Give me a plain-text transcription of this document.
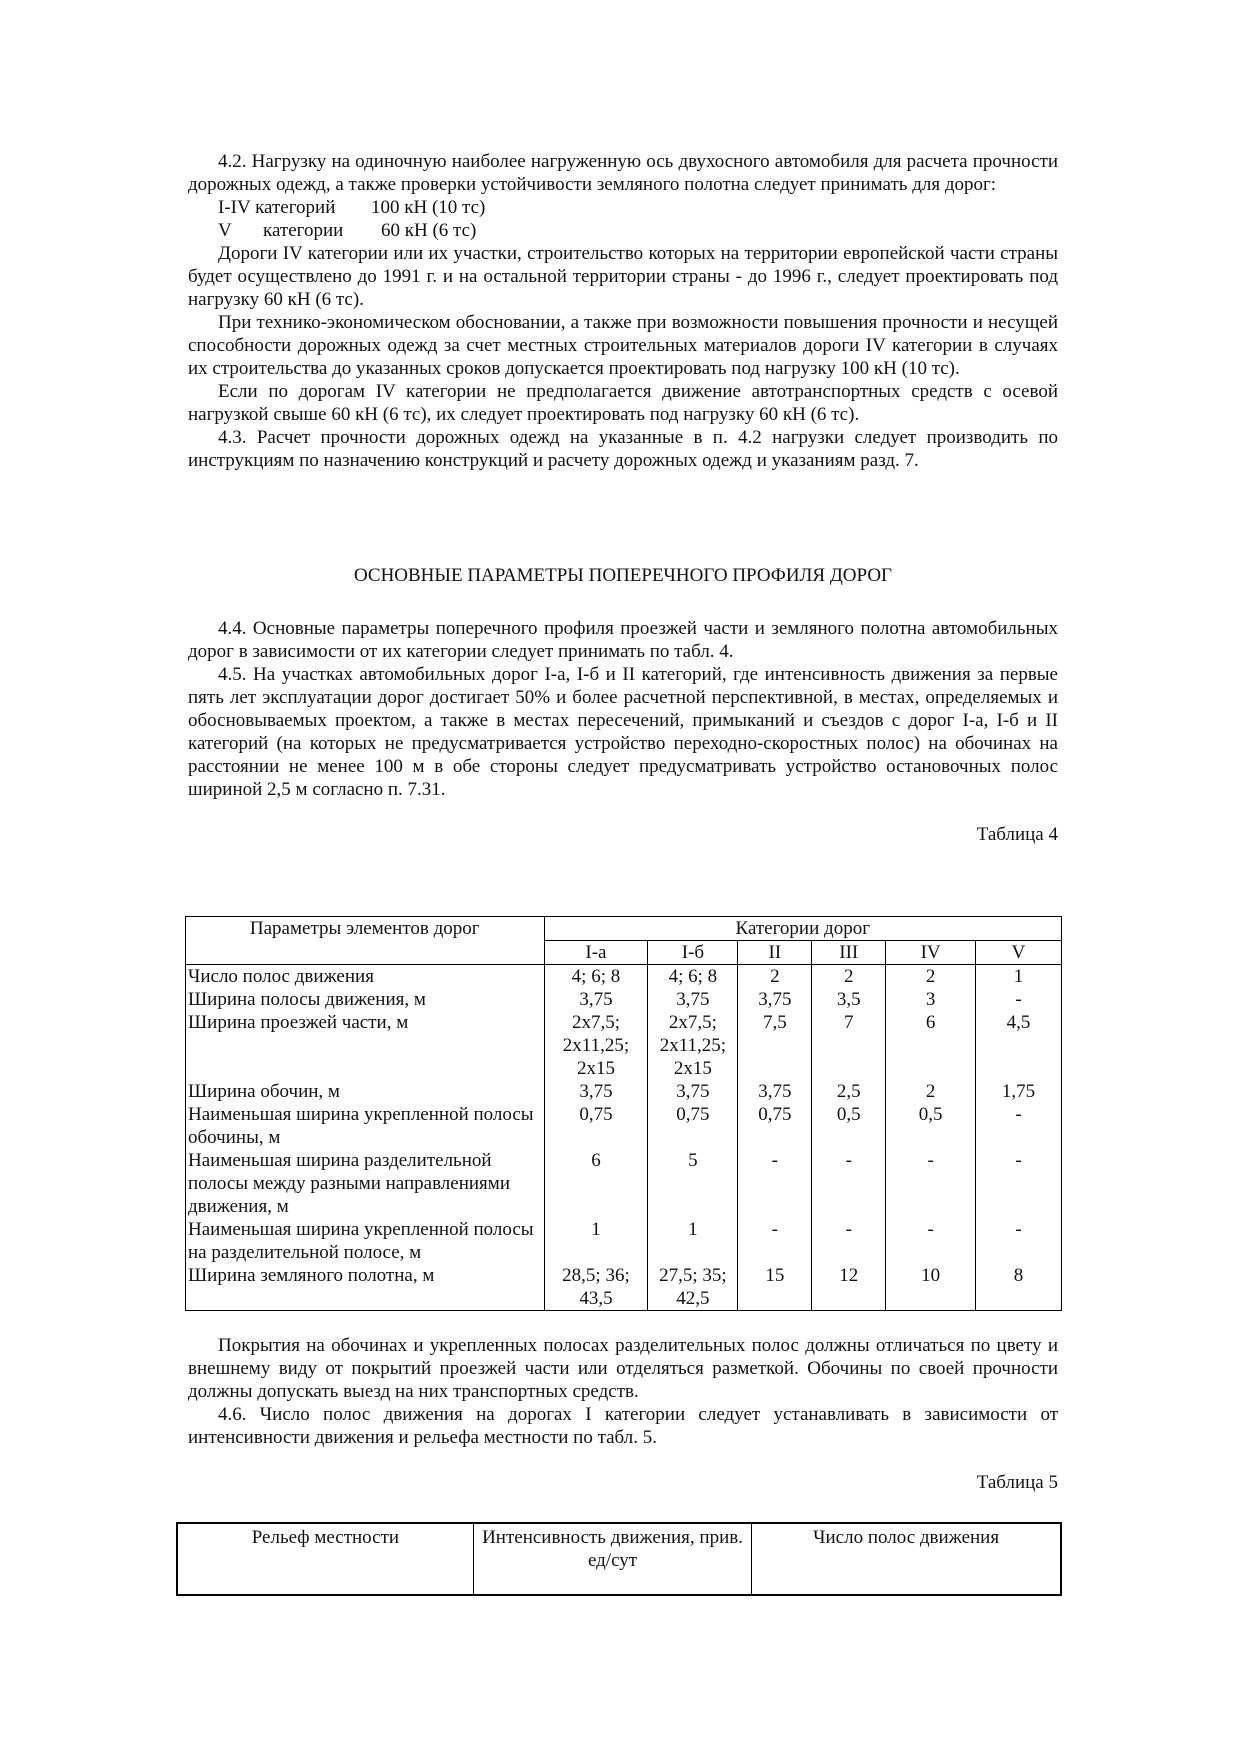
4.2. Нагрузку на одиночную наиболее нагруженную ось двухосного автомобиля для расчета прочности дорожных одежд, а также проверки устойчивости земляного полотна следует принимать для дорог:

I-IV категорий 100 кН (10 тс)
V категории 60 кН (6 тс)

Дороги IV категории или их участки, строительство которых на территории европейской части страны будет осуществлено до 1991 г. и на остальной территории страны - до 1996 г., следует проектировать под нагрузку 60 кН (6 тс).

При технико-экономическом обосновании, а также при возможности повышения прочности и несущей способности дорожных одежд за счет местных строительных материалов дороги IV категории в случаях их строительства до указанных сроков допускается проектировать под нагрузку 100 кН (10 тс).

Если по дорогам IV категории не предполагается движение автотранспортных средств с осевой нагрузкой свыше 60 кН (6 тс), их следует проектировать под нагрузку 60 кН (6 тс).

4.3. Расчет прочности дорожных одежд на указанные в п. 4.2 нагрузки следует производить по инструкциям по назначению конструкций и расчету дорожных одежд и указаниям разд. 7.

ОСНОВНЫЕ ПАРАМЕТРЫ ПОПЕРЕЧНОГО ПРОФИЛЯ ДОРОГ

4.4. Основные параметры поперечного профиля проезжей части и земляного полотна автомобильных дорог в зависимости от их категории следует принимать по табл. 4.

4.5. На участках автомобильных дорог I-а, I-б и II категорий, где интенсивность движения за первые пять лет эксплуатации дорог достигает 50% и более расчетной перспективной, в местах, определяемых и обосновываемых проектом, а также в местах пересечений, примыканий и съездов с дорог I-а, I-б и II категорий (на которых не предусматривается устройство переходно-скоростных полос) на обочинах на расстоянии не менее 100 м в обе стороны следует предусматривать устройство остановочных полос шириной 2,5 м согласно п. 7.31.

Таблица 4
Параметры элементов дорог	Категории дорог					
	I-а	I-б	II	III	IV	V
Число полос движения	4; 6; 8	4; 6; 8	2	2	2	1
Ширина полосы движения, м	3,75	3,75	3,75	3,5	3	-
Ширина проезжей части, м	2х7,5; 2х11,25; 2х15	2х7,5; 2х11,25; 2х15	7,5	7	6	4,5
Ширина обочин, м	3,75	3,75	3,75	2,5	2	1,75
Наименьшая ширина укрепленной полосы обочины, м	0,75	0,75	0,75	0,5	0,5	-
Наименьшая ширина разделительной полосы между разными направлениями движения, м	6	5	-	-	-	-
Наименьшая ширина укрепленной полосы на разделительной полосе, м	1	1	-	-	-	-
Ширина земляного полотна, м	28,5; 36; 43,5	27,5; 35; 42,5	15	12	10	8

Покрытия на обочинах и укрепленных полосах разделительных полос должны отличаться по цвету и внешнему виду от покрытий проезжей части или отделяться разметкой. Обочины по своей прочности должны допускать выезд на них транспортных средств.

4.6. Число полос движения на дорогах I категории следует устанавливать в зависимости от интенсивности движения и рельефа местности по табл. 5.

Таблица 5
Рельеф местности	Интенсивность движения, прив. ед/сут	Число полос движения
